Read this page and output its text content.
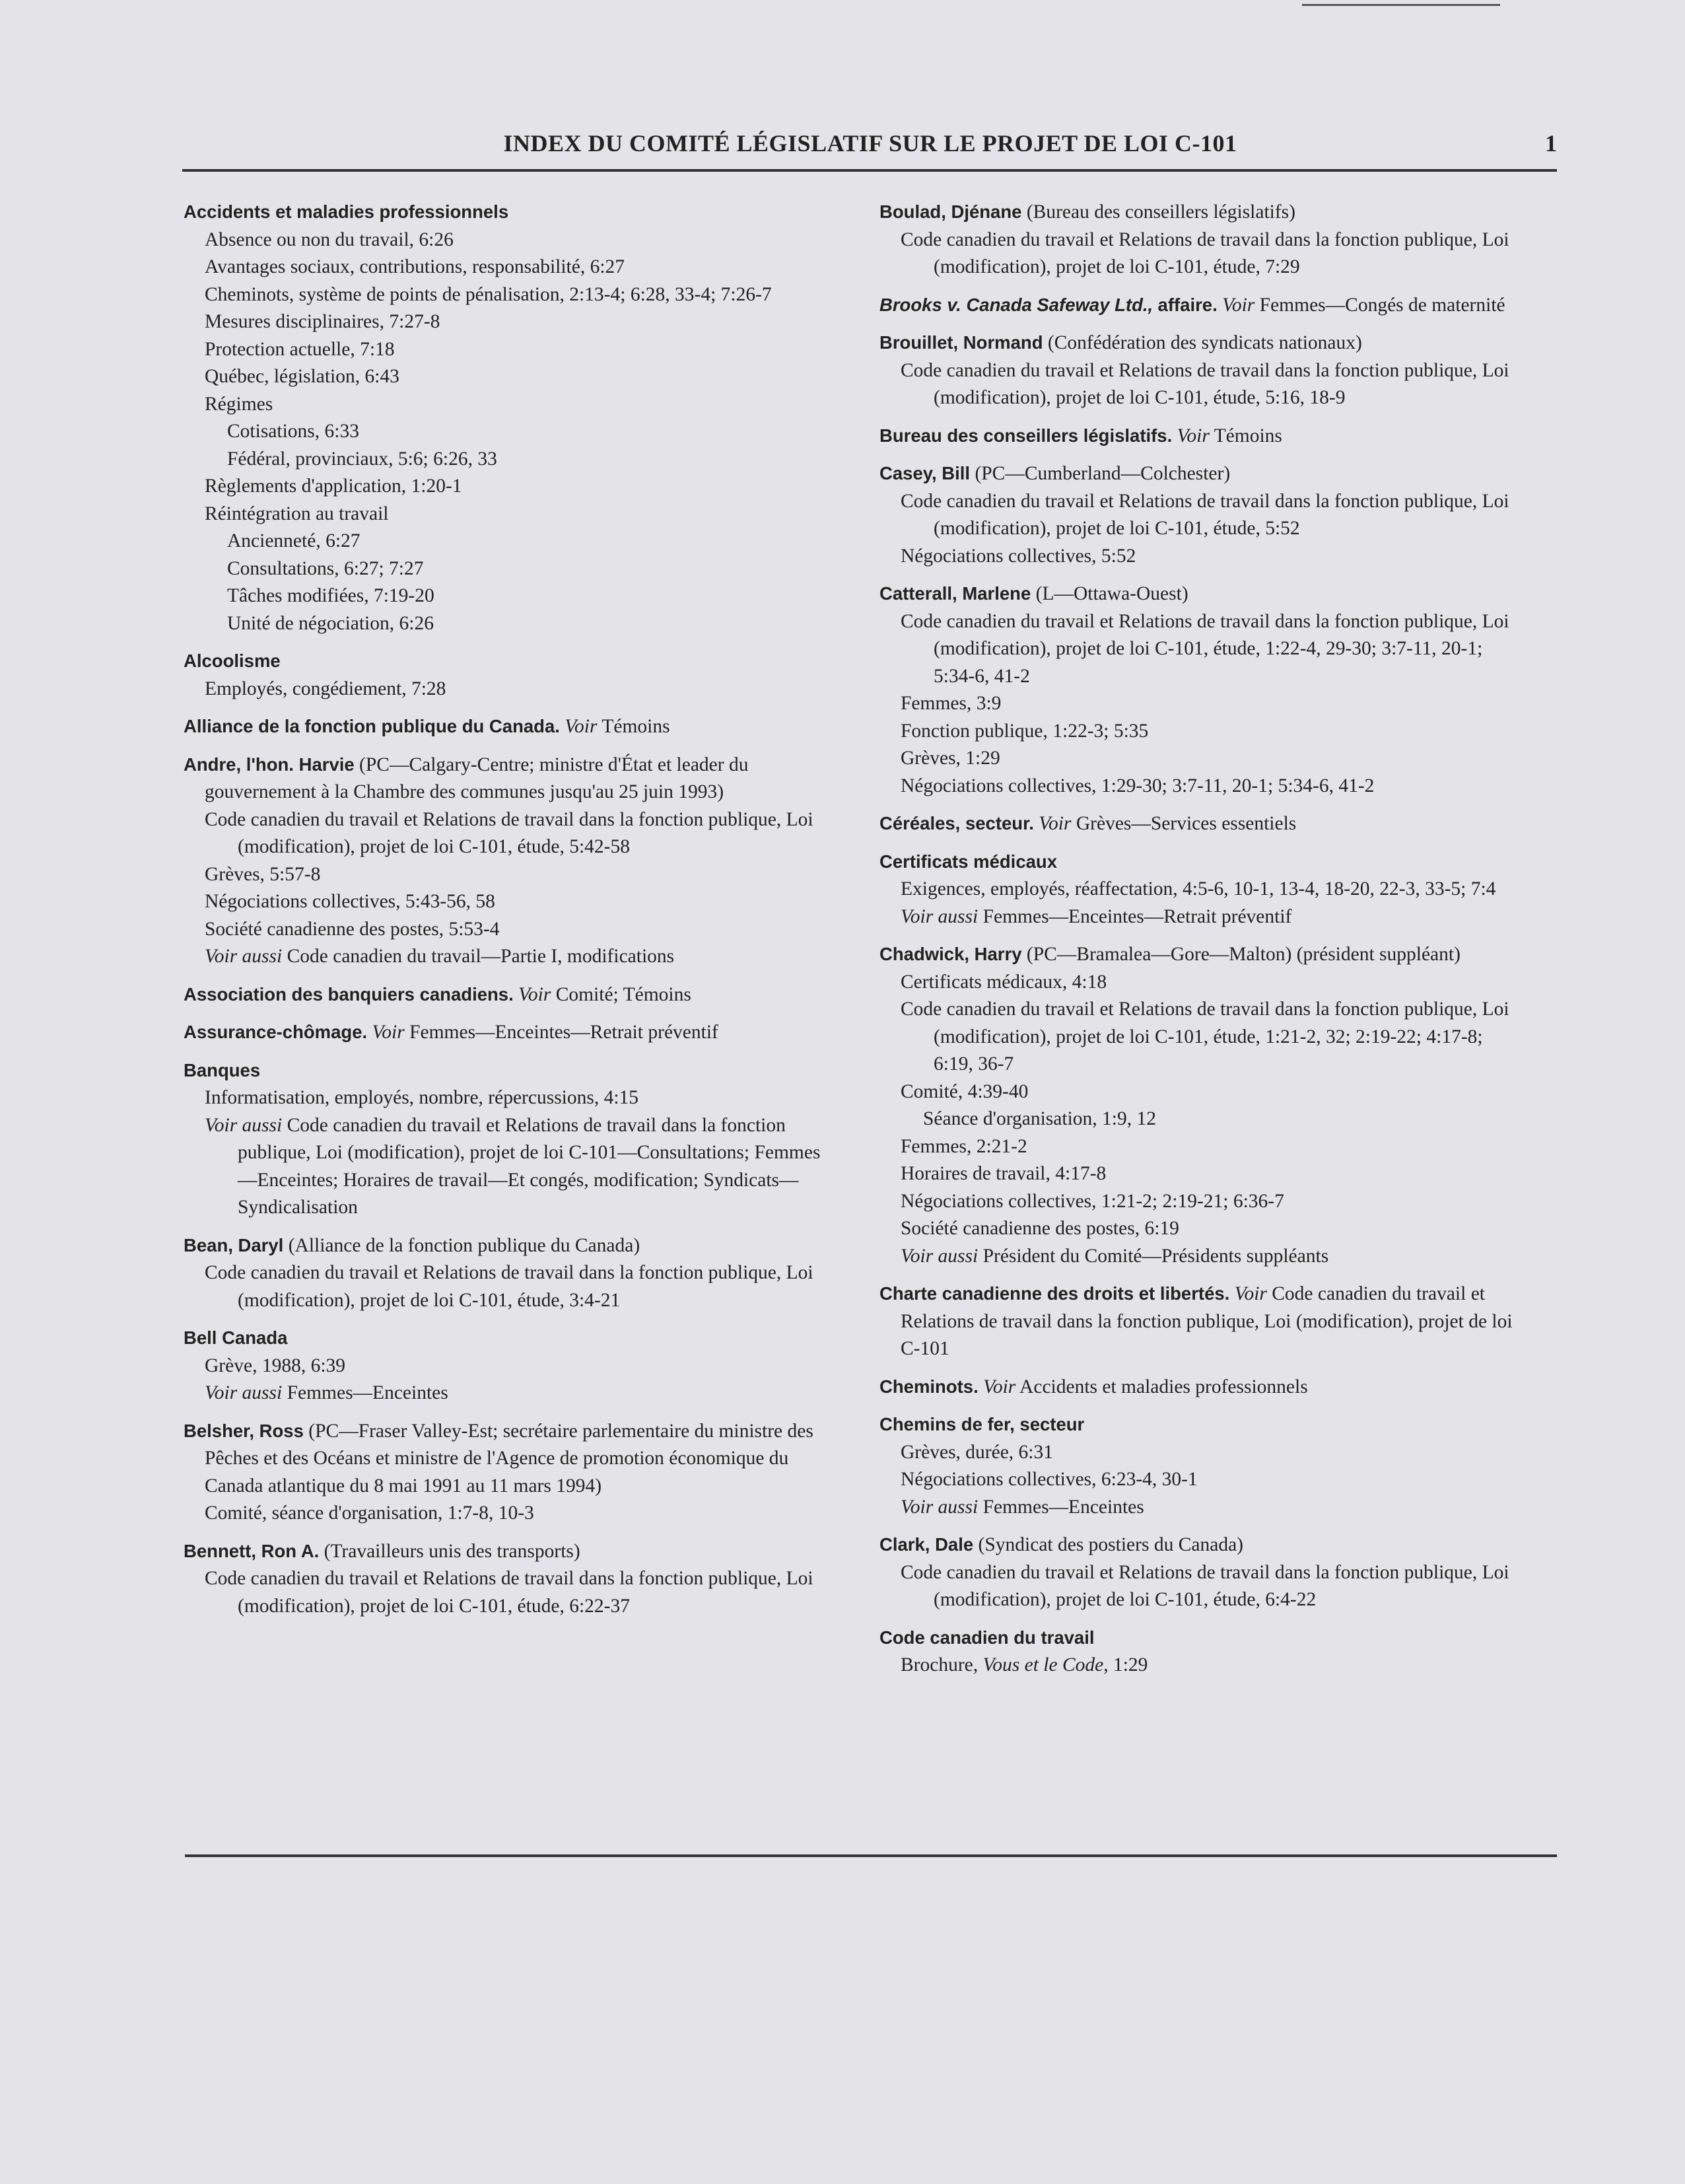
INDEX DU COMITÉ LÉGISLATIF SUR LE PROJET DE LOI C-101	1
Accidents et maladies professionnels
Absence ou non du travail, 6:26
Avantages sociaux, contributions, responsabilité, 6:27
Cheminots, système de points de pénalisation, 2:13-4; 6:28, 33-4; 7:26-7
Mesures disciplinaires, 7:27-8
Protection actuelle, 7:18
Québec, législation, 6:43
Régimes
Cotisations, 6:33
Fédéral, provinciaux, 5:6; 6:26, 33
Règlements d'application, 1:20-1
Réintégration au travail
Ancienneté, 6:27
Consultations, 6:27; 7:27
Tâches modifiées, 7:19-20
Unité de négociation, 6:26
Alcoolisme
Employés, congédiement, 7:28
Alliance de la fonction publique du Canada. Voir Témoins
Andre, l'hon. Harvie (PC—Calgary-Centre; ministre d'État et leader du gouvernement à la Chambre des communes jusqu'au 25 juin 1993)
Code canadien du travail et Relations de travail dans la fonction publique, Loi (modification), projet de loi C-101, étude, 5:42-58
Grèves, 5:57-8
Négociations collectives, 5:43-56, 58
Société canadienne des postes, 5:53-4
Voir aussi Code canadien du travail—Partie I, modifications
Association des banquiers canadiens. Voir Comité; Témoins
Assurance-chômage. Voir Femmes—Enceintes—Retrait préventif
Banques
Informatisation, employés, nombre, répercussions, 4:15
Voir aussi Code canadien du travail et Relations de travail dans la fonction publique, Loi (modification), projet de loi C-101—Consultations; Femmes—Enceintes; Horaires de travail—Et congés, modification; Syndicats—Syndicalisation
Bean, Daryl (Alliance de la fonction publique du Canada)
Code canadien du travail et Relations de travail dans la fonction publique, Loi (modification), projet de loi C-101, étude, 3:4-21
Bell Canada
Grève, 1988, 6:39
Voir aussi Femmes—Enceintes
Belsher, Ross (PC—Fraser Valley-Est; secrétaire parlementaire du ministre des Pêches et des Océans et ministre de l'Agence de promotion économique du Canada atlantique du 8 mai 1991 au 11 mars 1994)
Comité, séance d'organisation, 1:7-8, 10-3
Bennett, Ron A. (Travailleurs unis des transports)
Code canadien du travail et Relations de travail dans la fonction publique, Loi (modification), projet de loi C-101, étude, 6:22-37
Boulad, Djénane (Bureau des conseillers législatifs)
Code canadien du travail et Relations de travail dans la fonction publique, Loi (modification), projet de loi C-101, étude, 7:29
Brooks v. Canada Safeway Ltd., affaire. Voir Femmes—Congés de maternité
Brouillet, Normand (Confédération des syndicats nationaux)
Code canadien du travail et Relations de travail dans la fonction publique, Loi (modification), projet de loi C-101, étude, 5:16, 18-9
Bureau des conseillers législatifs. Voir Témoins
Casey, Bill (PC—Cumberland—Colchester)
Code canadien du travail et Relations de travail dans la fonction publique, Loi (modification), projet de loi C-101, étude, 5:52
Négociations collectives, 5:52
Catterall, Marlene (L—Ottawa-Ouest)
Code canadien du travail et Relations de travail dans la fonction publique, Loi (modification), projet de loi C-101, étude, 1:22-4, 29-30; 3:7-11, 20-1; 5:34-6, 41-2
Femmes, 3:9
Fonction publique, 1:22-3; 5:35
Grèves, 1:29
Négociations collectives, 1:29-30; 3:7-11, 20-1; 5:34-6, 41-2
Céréales, secteur. Voir Grèves—Services essentiels
Certificats médicaux
Exigences, employés, réaffectation, 4:5-6, 10-1, 13-4, 18-20, 22-3, 33-5; 7:4
Voir aussi Femmes—Enceintes—Retrait préventif
Chadwick, Harry (PC—Bramalea—Gore—Malton) (président suppléant)
Certificats médicaux, 4:18
Code canadien du travail et Relations de travail dans la fonction publique, Loi (modification), projet de loi C-101, étude, 1:21-2, 32; 2:19-22; 4:17-8; 6:19, 36-7
Comité, 4:39-40
Séance d'organisation, 1:9, 12
Femmes, 2:21-2
Horaires de travail, 4:17-8
Négociations collectives, 1:21-2; 2:19-21; 6:36-7
Société canadienne des postes, 6:19
Voir aussi Président du Comité—Présidents suppléants
Charte canadienne des droits et libertés. Voir Code canadien du travail et Relations de travail dans la fonction publique, Loi (modification), projet de loi C-101
Cheminots. Voir Accidents et maladies professionnels
Chemins de fer, secteur
Grèves, durée, 6:31
Négociations collectives, 6:23-4, 30-1
Voir aussi Femmes—Enceintes
Clark, Dale (Syndicat des postiers du Canada)
Code canadien du travail et Relations de travail dans la fonction publique, Loi (modification), projet de loi C-101, étude, 6:4-22
Code canadien du travail
Brochure, Vous et le Code, 1:29
